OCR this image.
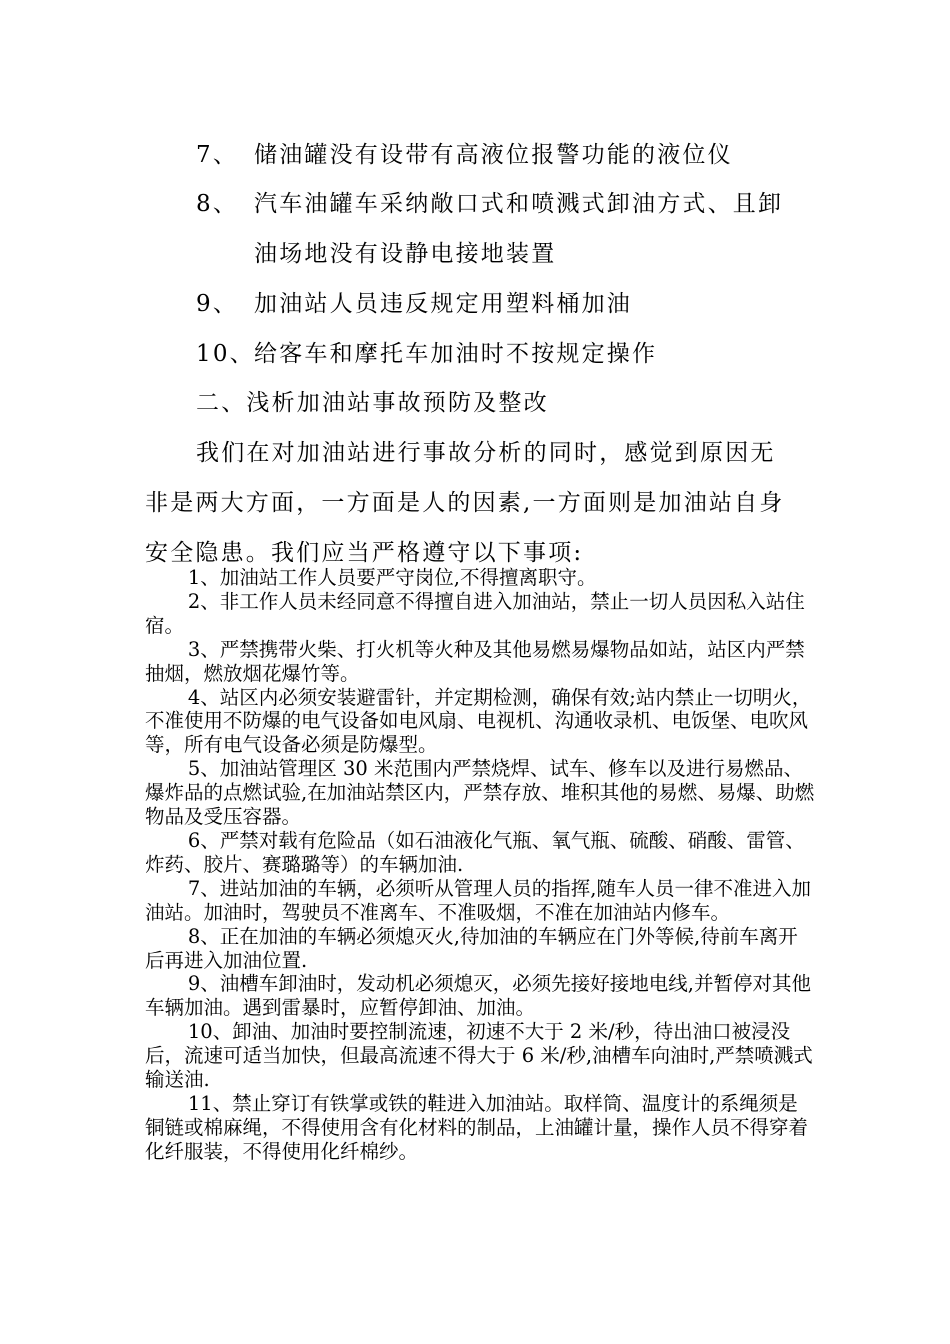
7、 储油罐没有设带有高液位报警功能的液位仪
8、 汽车油罐车采纳敞口式和喷溅式卸油方式、且卸
油场地没有设静电接地装置
9、 加油站人员违反规定用塑料桶加油
10、给客车和摩托车加油时不按规定操作
二、浅析加油站事故预防及整改
我们在对加油站进行事故分析的同时，感觉到原因无
非是两大方面，一方面是人的因素,一方面则是加油站自身
安全隐患。我们应当严格遵守以下事项:

1、加油站工作人员要严守岗位,不得擅离职守。

2、非工作人员未经同意不得擅自进入加油站，禁止一切人员因私入站住宿。

3、严禁携带火柴、打火机等火种及其他易燃易爆物品如站，站区内严禁抽烟，燃放烟花爆竹等。

4、站区内必须安装避雷针，并定期检测，确保有效;站内禁止一切明火，不准使用不防爆的电气设备如电风扇、电视机、沟通收录机、电饭堡、电吹风等，所有电气设备必须是防爆型。

5、加油站管理区 30 米范围内严禁烧焊、试车、修车以及进行易燃品、爆炸品的点燃试验,在加油站禁区内，严禁存放、堆积其他的易燃、易爆、助燃物品及受压容器。

6、严禁对载有危险品（如石油液化气瓶、氧气瓶、硫酸、硝酸、雷管、炸药、胶片、赛璐璐等）的车辆加油.

7、进站加油的车辆，必须听从管理人员的指挥,随车人员一律不准进入加油站。加油时，驾驶员不准离车、不准吸烟，不准在加油站内修车。

8、正在加油的车辆必须熄灭火,待加油的车辆应在门外等候,待前车离开后再进入加油位置.

9、油槽车卸油时，发动机必须熄灭，必须先接好接地电线,并暂停对其他车辆加油。遇到雷暴时，应暂停卸油、加油。

10、卸油、加油时要控制流速，初速不大于 2 米/秒，待出油口被浸没后，流速可适当加快，但最高流速不得大于 6 米/秒,油槽车向油时,严禁喷溅式输送油.

11、禁止穿订有铁掌或铁的鞋进入加油站。取样筒、温度计的系绳须是铜链或棉麻绳，不得使用含有化材料的制品，上油罐计量，操作人员不得穿着化纤服装，不得使用化纤棉纱。
